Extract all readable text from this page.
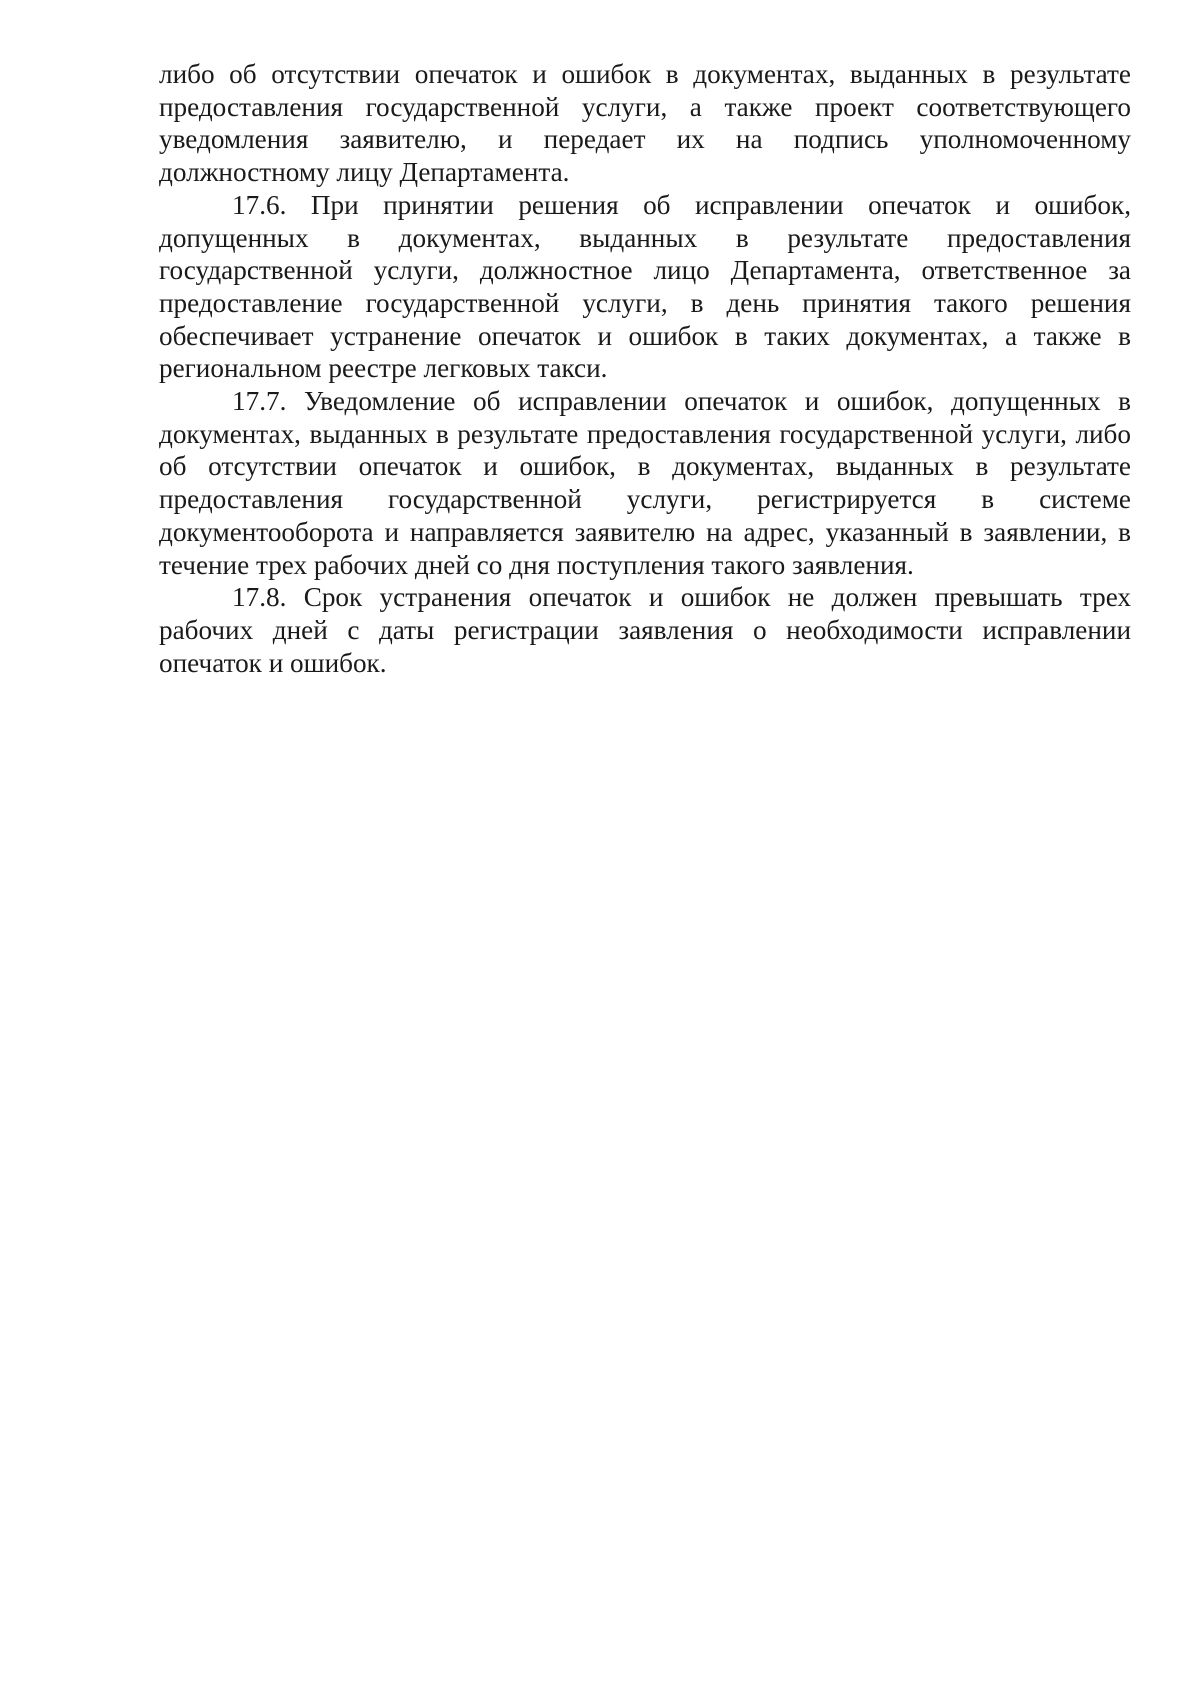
либо об отсутствии опечаток и ошибок в документах, выданных в результате предоставления государственной услуги, а также проект соответствующего уведомления заявителю, и передает их на подпись уполномоченному должностному лицу Департамента.

17.6. При принятии решения об исправлении опечаток и ошибок, допущенных в документах, выданных в результате предоставления государственной услуги, должностное лицо Департамента, ответственное за предоставление государственной услуги, в день принятия такого решения обеспечивает устранение опечаток и ошибок в таких документах, а также в региональном реестре легковых такси.

17.7. Уведомление об исправлении опечаток и ошибок, допущенных в документах, выданных в результате предоставления государственной услуги, либо об отсутствии опечаток и ошибок, в документах, выданных в результате предоставления государственной услуги, регистрируется в системе документооборота и направляется заявителю на адрес, указанный в заявлении, в течение трех рабочих дней со дня поступления такого заявления.

17.8. Срок устранения опечаток и ошибок не должен превышать трех рабочих дней с даты регистрации заявления о необходимости исправлении опечаток и ошибок.
